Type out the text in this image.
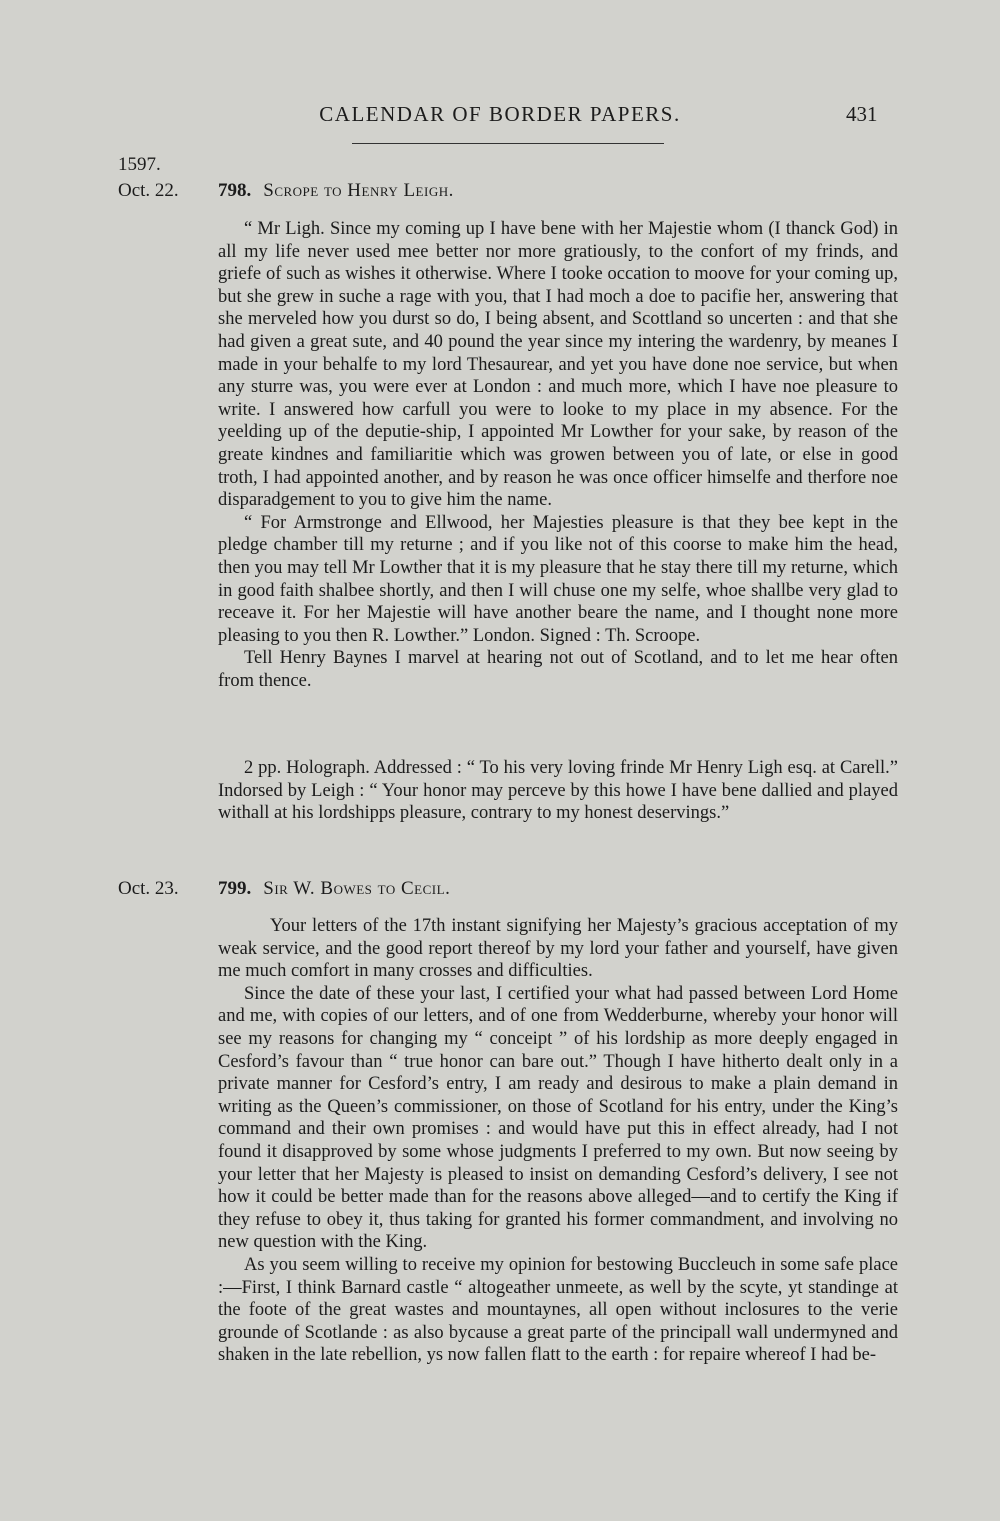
CALENDAR OF BORDER PAPERS.	431
1597.
Oct. 22. 798. Scrope to Henry Leigh.

“ Mr Ligh. Since my coming up I have bene with her Majestie whom (I thanck God) in all my life never used mee better nor more gratiously, to the confort of my frinds, and griefe of such as wishes it otherwise. Where I tooke occation to moove for your coming up, but she grew in suche a rage with you, that I had moch a doe to pacifie her, answering that she merveled how you durst so do, I being absent, and Scottland so uncerten : and that she had given a great sute, and 40 pound the year since my intering the wardenry, by meanes I made in your behalfe to my lord Thesaurear, and yet you have done noe service, but when any sturre was, you were ever at London : and much more, which I have noe pleasure to write. I answered how carfull you were to looke to my place in my absence. For the yeelding up of the deputie-ship, I appointed Mr Lowther for your sake, by reason of the greate kindnes and familiaritie which was growen between you of late, or else in good troth, I had appointed another, and by reason he was once officer himselfe and therfore noe disparadgement to you to give him the name.

“ For Armstronge and Ellwood, her Majesties pleasure is that they bee kept in the pledge chamber till my returne ; and if you like not of this coorse to make him the head, then you may tell Mr Lowther that it is my pleasure that he stay there till my returne, which in good faith shalbee shortly, and then I will chuse one my selfe, whoe shallbe very glad to receave it. For her Majestie will have another beare the name, and I thought none more pleasing to you then R. Lowther.” London. Signed : Th. Scroope.

Tell Henry Baynes I marvel at hearing not out of Scotland, and to let me hear often from thence.

2 pp. Holograph. Addressed : “ To his very loving frinde Mr Henry Ligh esq. at Carell.” Indorsed by Leigh : “ Your honor may perceve by this howe I have bene dallied and played withall at his lordshipps pleasure, contrary to my honest deservings.”

Oct. 23. 799. Sir W. Bowes to Cecil.

Your letters of the 17th instant signifying her Majesty’s gracious acceptation of my weak service, and the good report thereof by my lord your father and yourself, have given me much comfort in many crosses and difficulties.

Since the date of these your last, I certified your what had passed between Lord Home and me, with copies of our letters, and of one from Wedderburne, whereby your honor will see my reasons for changing my “ conceipt ” of his lordship as more deeply engaged in Cesford’s favour than “ true honor can bare out.” Though I have hitherto dealt only in a private manner for Cesford’s entry, I am ready and desirous to make a plain demand in writing as the Queen’s commissioner, on those of Scotland for his entry, under the King’s command and their own promises : and would have put this in effect already, had I not found it disapproved by some whose judgments I preferred to my own. But now seeing by your letter that her Majesty is pleased to insist on demanding Cesford’s delivery, I see not how it could be better made than for the reasons above alleged—and to certify the King if they refuse to obey it, thus taking for granted his former commandment, and involving no new question with the King.

As you seem willing to receive my opinion for bestowing Buccleuch in some safe place :—First, I think Barnard castle “ altogeather unmeete, as well by the scyte, yt standinge at the foote of the great wastes and mountaynes, all open without inclosures to the verie grounde of Scotlande : as also bycause a great parte of the principall wall undermyned and shaken in the late rebellion, ys now fallen flatt to the earth : for repaire whereof I had be-
